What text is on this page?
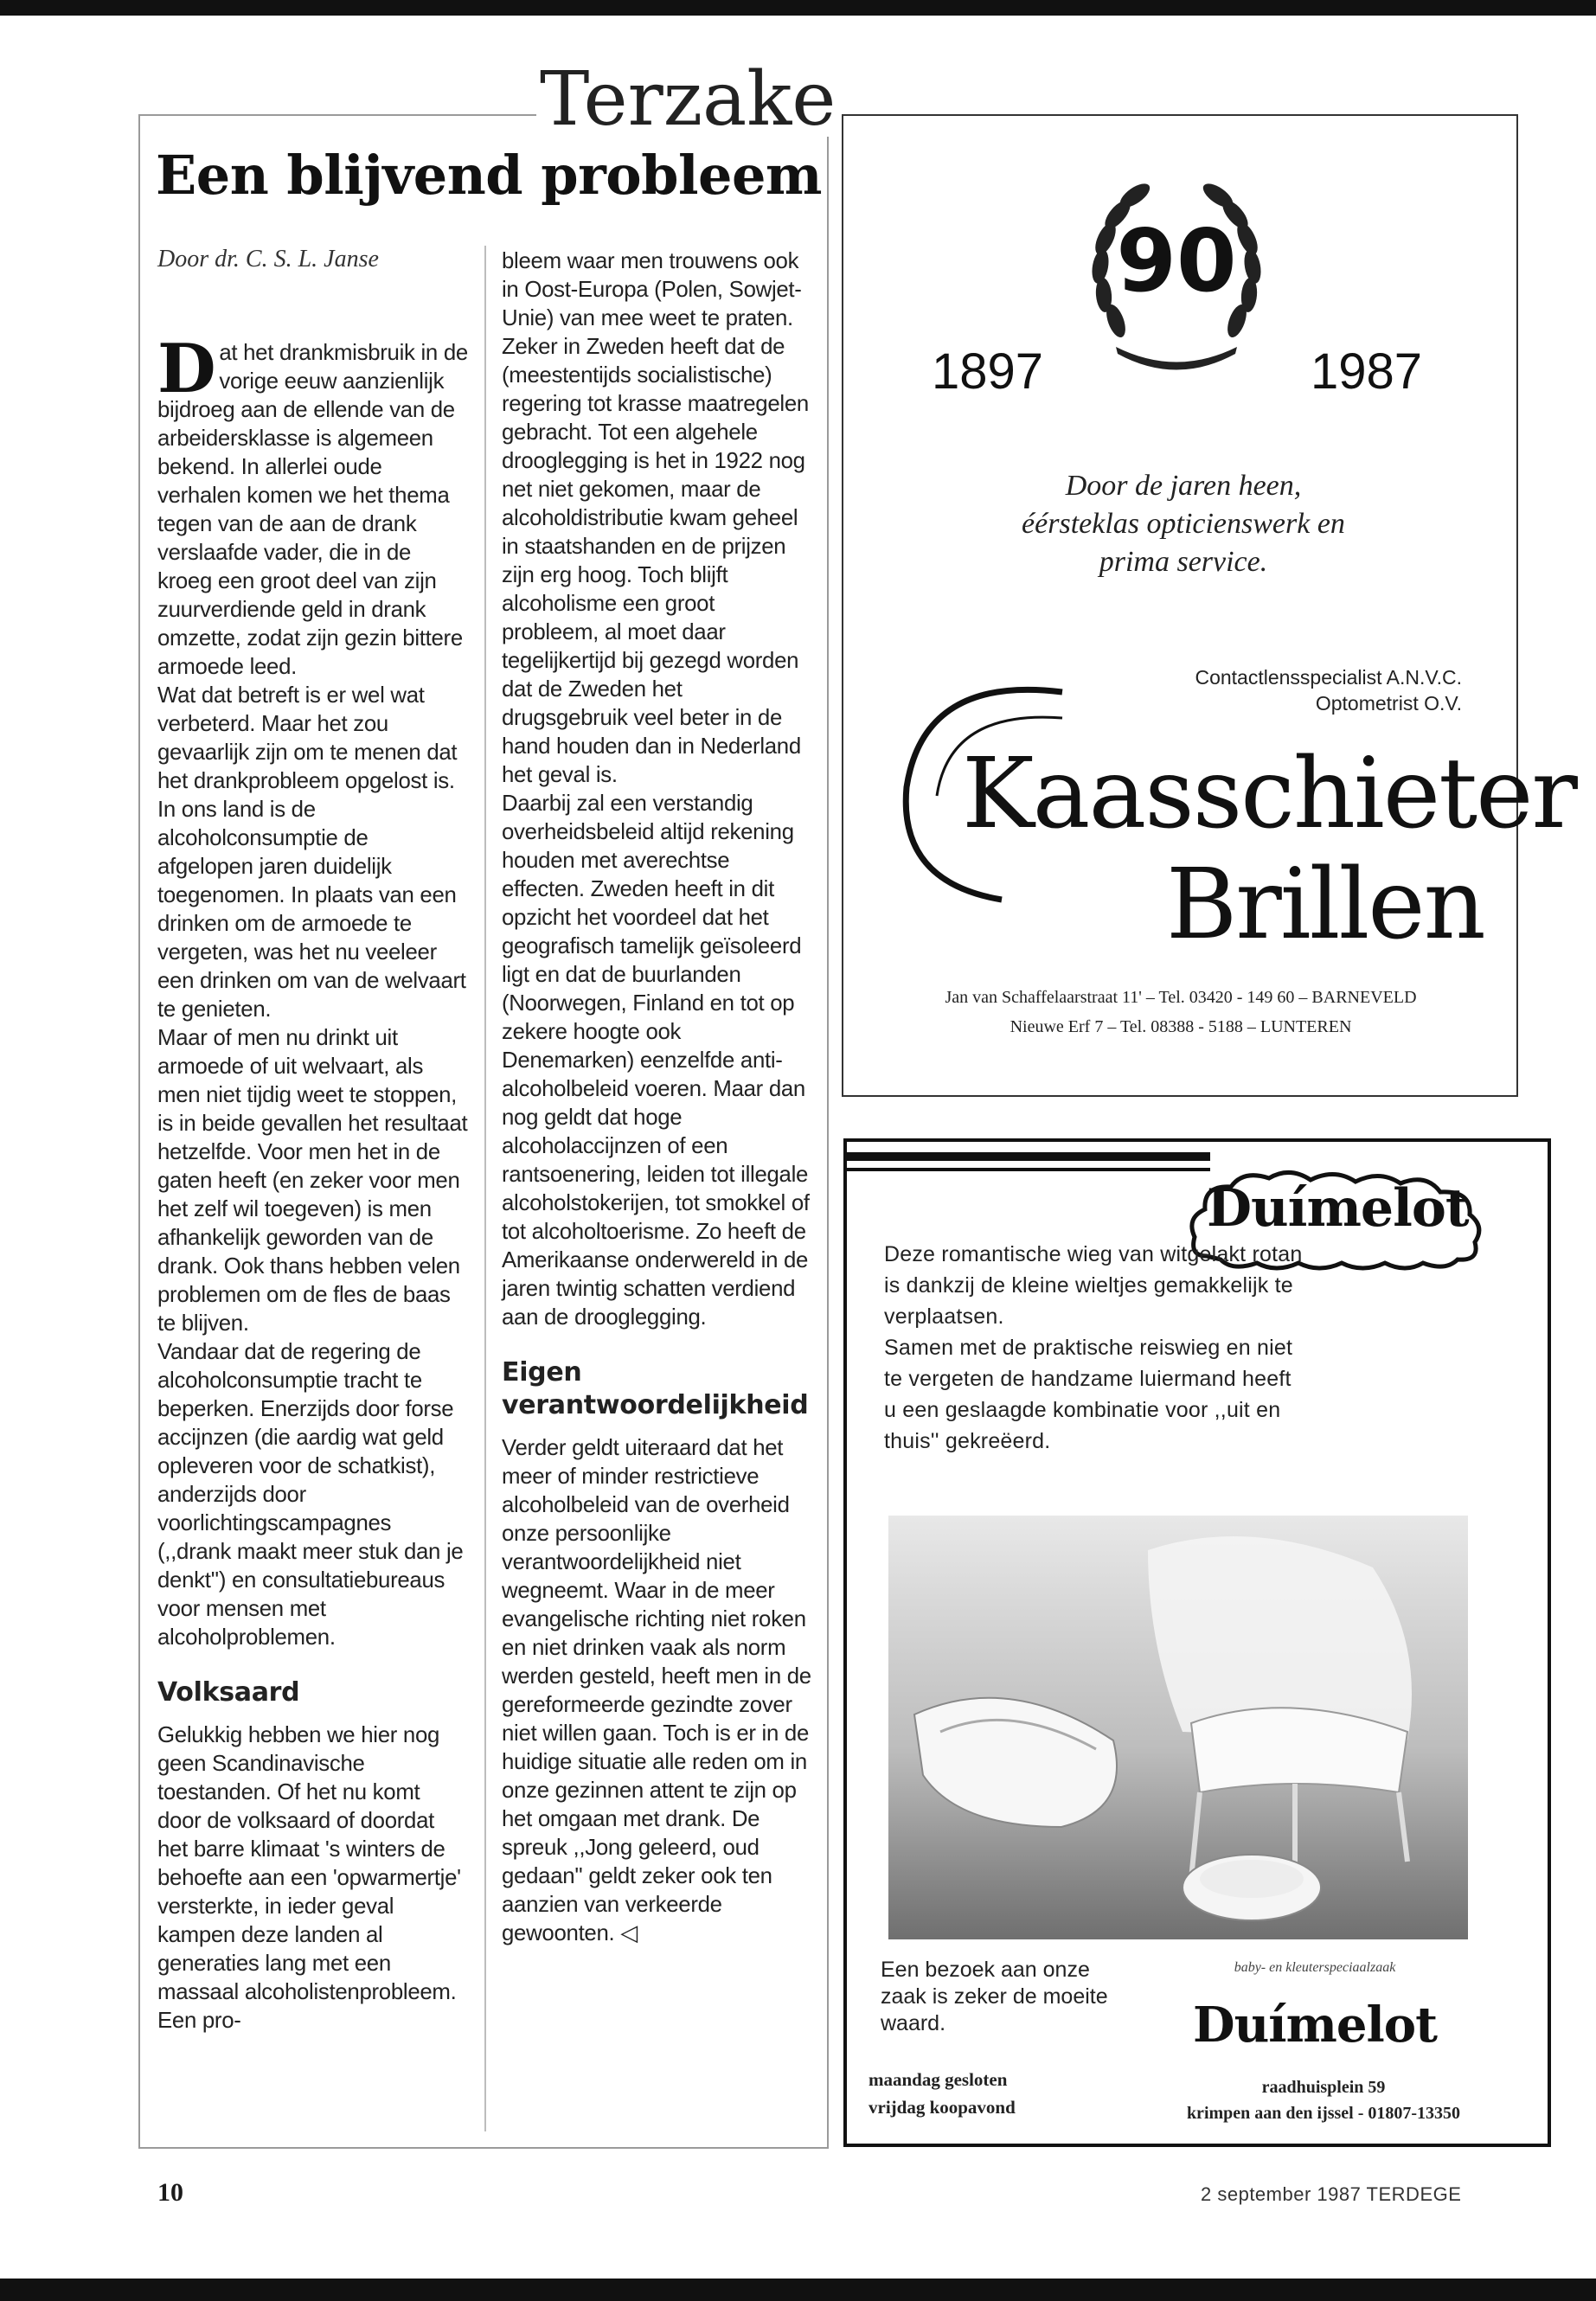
Terzake
Een blijvend probleem
Door dr. C. S. L. Janse

Dat het drankmisbruik in de vorige eeuw aanzienlijk bijdroeg aan de ellende van de arbeidersklasse is algemeen bekend. In allerlei oude verhalen komen we het thema tegen van de aan de drank verslaafde vader, die in de kroeg een groot deel van zijn zuurverdiende geld in drank omzette, zodat zijn gezin bittere armoede leed.

Wat dat betreft is er wel wat verbeterd. Maar het zou gevaarlijk zijn om te menen dat het drankprobleem opgelost is. In ons land is de alcoholconsumptie de afgelopen jaren duidelijk toegenomen. In plaats van een drinken om de armoede te vergeten, was het nu veeleer een drinken om van de welvaart te genieten.

Maar of men nu drinkt uit armoede of uit welvaart, als men niet tijdig weet te stoppen, is in beide gevallen het resultaat hetzelfde. Voor men het in de gaten heeft (en zeker voor men het zelf wil toegeven) is men afhankelijk geworden van de drank. Ook thans hebben velen problemen om de fles de baas te blijven.

Vandaar dat de regering de alcoholconsumptie tracht te beperken. Enerzijds door forse accijnzen (die aardig wat geld opleveren voor de schatkist), anderzijds door voorlichtingscampagnes (,,drank maakt meer stuk dan je denkt'') en consultatiebureaus voor mensen met alcoholproblemen.

Volksaard

Gelukkig hebben we hier nog geen Scandinavische toestanden. Of het nu komt door de volksaard of doordat het barre klimaat 's winters de behoefte aan een 'opwarmertje' versterkte, in ieder geval kampen deze landen al generaties lang met een massaal alcoholistenprobleem. Een pro-

bleem waar men trouwens ook in Oost-Europa (Polen, Sowjet-Unie) van mee weet te praten.

Zeker in Zweden heeft dat de (meestentijds socialistische) regering tot krasse maatregelen gebracht. Tot een algehele drooglegging is het in 1922 nog net niet gekomen, maar de alcoholdistributie kwam geheel in staatshanden en de prijzen zijn erg hoog. Toch blijft alcoholisme een groot probleem, al moet daar tegelijkertijd bij gezegd worden dat de Zweden het drugsgebruik veel beter in de hand houden dan in Nederland het geval is.

Daarbij zal een verstandig overheidsbeleid altijd rekening houden met averechtse effecten. Zweden heeft in dit opzicht het voordeel dat het geografisch tamelijk geïsoleerd ligt en dat de buurlanden (Noorwegen, Finland en tot op zekere hoogte ook Denemarken) eenzelfde anti-alcoholbeleid voeren. Maar dan nog geldt dat hoge alcoholaccijnzen of een rantsoenering, leiden tot illegale alcoholstokerijen, tot smokkel of tot alcoholtoerisme. Zo heeft de Amerikaanse onderwereld in de jaren twintig schatten verdiend aan de drooglegging.

Eigen verantwoordelijkheid

Verder geldt uiteraard dat het meer of minder restrictieve alcoholbeleid van de overheid onze persoonlijke verantwoordelijkheid niet wegneemt. Waar in de meer evangelische richting niet roken en niet drinken vaak als norm werden gesteld, heeft men in de gereformeerde gezindte zover niet willen gaan. Toch is er in de huidige situatie alle reden om in onze gezinnen attent te zijn op het omgaan met drank. De spreuk ,,Jong geleerd, oud gedaan'' geldt zeker ook ten aanzien van verkeerde gewoonten. ◁

10	2 september 1987 TERDEGE
90
1897	1987
Door de jaren heen,
éérsteklas opticienswerk en
prima service.
Contactlensspecialist A.N.V.C.
Optometrist O.V.
Kaasschieter
Brillen
Jan van Schaffelaarstraat 11' – Tel. 03420 - 149 60 – BARNEVELD
Nieuwe Erf 7 – Tel. 08388 - 5188 – LUNTEREN
Duímelot

Deze romantische wieg van witgelakt rotan is dankzij de kleine wieltjes gemakkelijk te verplaatsen.

Samen met de praktische reiswieg en niet te vergeten de handzame luiermand heeft u een geslaagde kombinatie voor ,,uit en thuis'' gekreëerd.

Een bezoek aan onze zaak is zeker de moeite waard.
baby- en kleuterspeciaalzaak
Duímelot
maandag gesloten
vrijdag koopavond
raadhuisplein 59
krimpen aan den ijssel - 01807-13350
